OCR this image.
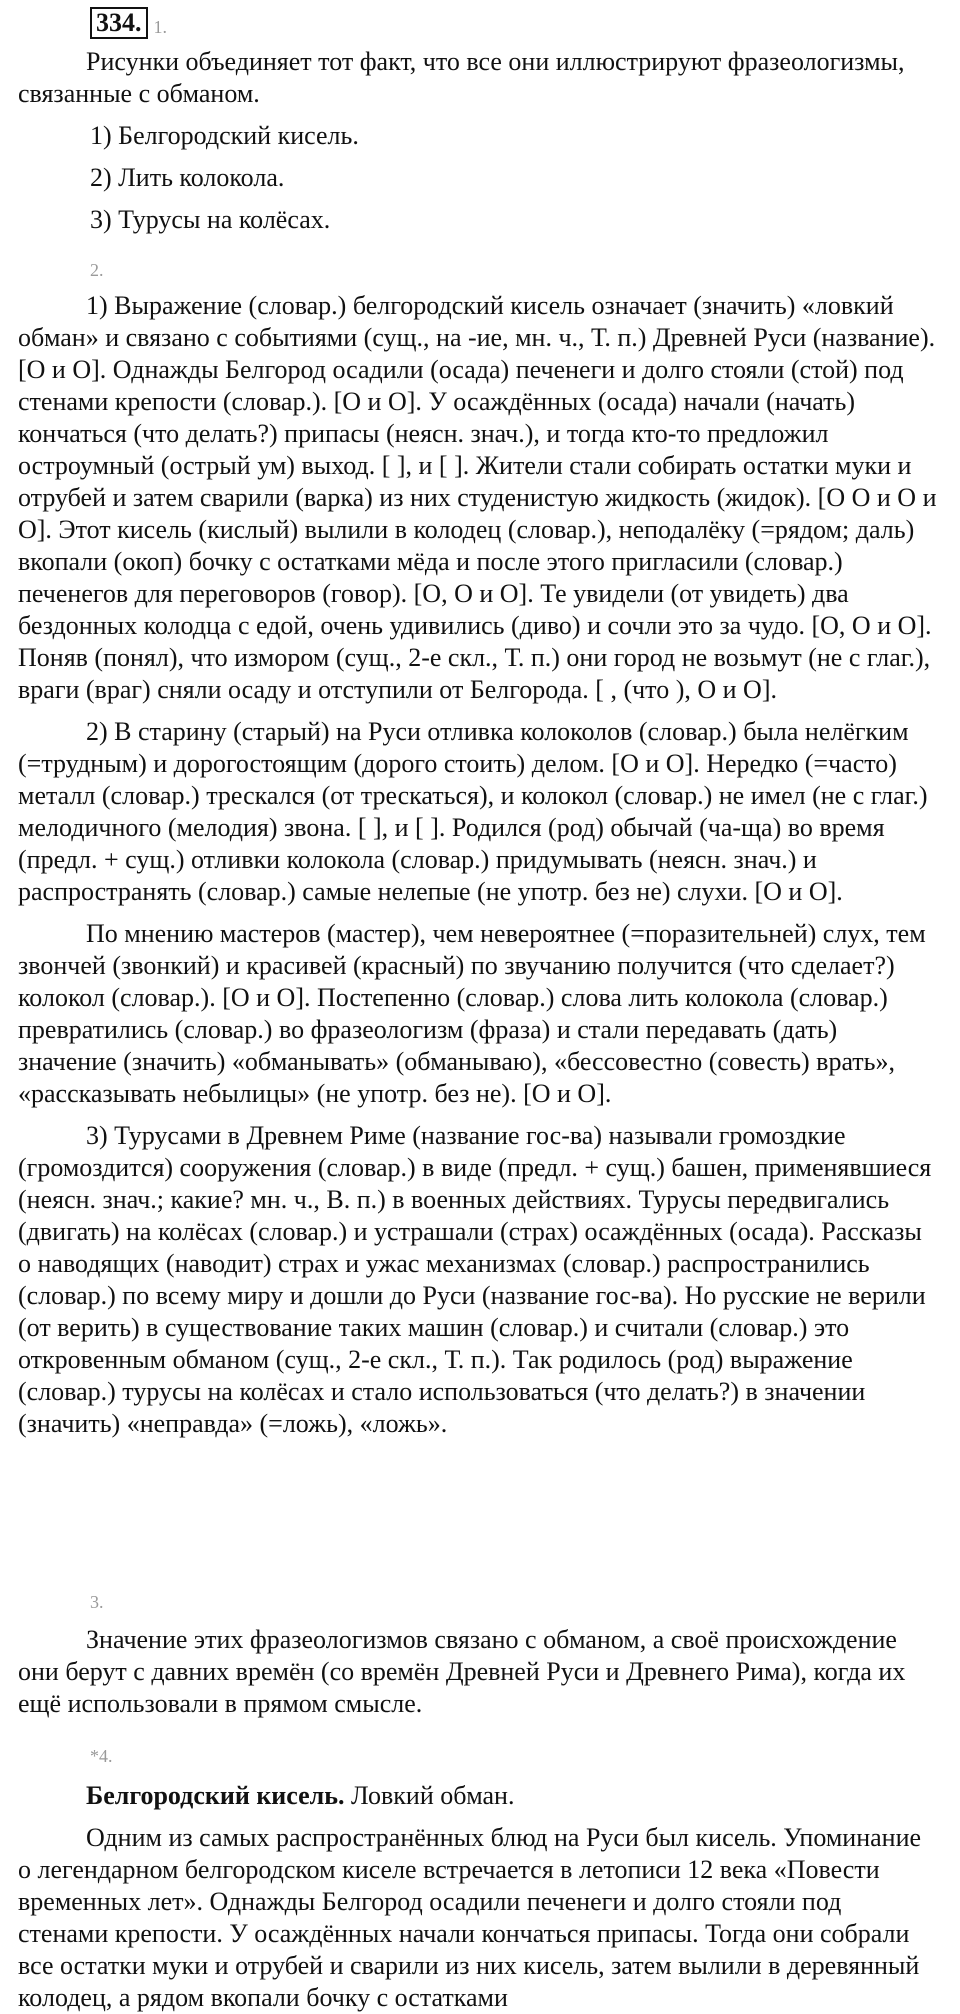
334. 1.

Рисунки объединяет тот факт, что все они иллюстрируют фразеологизмы, связанные с обманом.

1) Белгородский кисель.

2) Лить колокола.

3) Турусы на колёсах.

2.

1) Выражение (словар.) белгородский кисель означает (значить) «ловкий обман» и связано с событиями (сущ., на -ие, мн. ч., Т. п.) Древней Руси (название). [О и О]. Однажды Белгород осадили (осада) печенеги и долго стояли (стой) под стенами крепости (словар.). [О и О]. У осаждённых (осада) начали (начать) кончаться (что делать?) припасы (неясн. знач.), и тогда кто-то предложил остроумный (острый ум) выход. [ ], и [ ]. Жители стали собирать остатки муки и отрубей и затем сварили (варка) из них студенистую жидкость (жидок). [О О и О и О]. Этот кисель (кислый) вылили в колодец (словар.), неподалёку (=рядом; даль) вкопали (окоп) бочку с остатками мёда и после этого пригласили (словар.) печенегов для переговоров (говор). [О, О и О]. Те увидели (от увидеть) два бездонных колодца с едой, очень удивились (диво) и сочли это за чудо. [О, О и О]. Поняв (понял), что измором (сущ., 2-е скл., Т. п.) они город не возьмут (не с глаг.), враги (враг) сняли осаду и отступили от Белгорода. [ , (что ), О и О].

2) В старину (старый) на Руси отливка колоколов (словар.) была нелёгким (=трудным) и дорогостоящим (дорого стоить) делом. [О и О]. Нередко (=часто) металл (словар.) трескался (от трескаться), и колокол (словар.) не имел (не с глаг.) мелодичного (мелодия) звона. [ ], и [ ]. Родился (род) обычай (ча-ща) во время (предл. + сущ.) отливки колокола (словар.) придумывать (неясн. знач.) и распространять (словар.) самые нелепые (не употр. без не) слухи. [О и О].

По мнению мастеров (мастер), чем невероятнее (=поразительней) слух, тем звончей (звонкий) и красивей (красный) по звучанию получится (что сделает?) колокол (словар.). [О и О]. Постепенно (словар.) слова лить колокола (словар.) превратились (словар.) во фразеологизм (фраза) и стали передавать (дать) значение (значить) «обманывать» (обманываю), «бессовестно (совесть) врать», «рассказывать небылицы» (не употр. без не). [О и О].

3) Турусами в Древнем Риме (название гос-ва) называли громоздкие (громоздится) сооружения (словар.) в виде (предл. + сущ.) башен, применявшиеся (неясн. знач.; какие? мн. ч., В. п.) в военных действиях. Турусы передвигались (двигать) на колёсах (словар.) и устрашали (страх) осаждённых (осада). Рассказы о наводящих (наводит) страх и ужас механизмах (словар.) распространились (словар.) по всему миру и дошли до Руси (название гос-ва). Но русские не верили (от верить) в существование таких машин (словар.) и считали (словар.) это откровенным обманом (сущ., 2-е скл., Т. п.). Так родилось (род) выражение (словар.) турусы на колёсах и стало использоваться (что делать?) в значении (значить) «неправда» (=ложь), «ложь».

3.

Значение этих фразеологизмов связано с обманом, а своё происхождение они берут с давних времён (со времён Древней Руси и Древнего Рима), когда их ещё использовали в прямом смысле.

*4.

Белгородский кисель. Ловкий обман.

Одним из самых распространённых блюд на Руси был кисель. Упоминание о легендарном белгородском киселе встречается в летописи 12 века «Повести временных лет». Однажды Белгород осадили печенеги и долго стояли под стенами крепости. У осаждённых начали кончаться припасы. Тогда они собрали все остатки муки и отрубей и сварили из них кисель, затем вылили в деревянный колодец, а рядом вкопали бочку с остатками
